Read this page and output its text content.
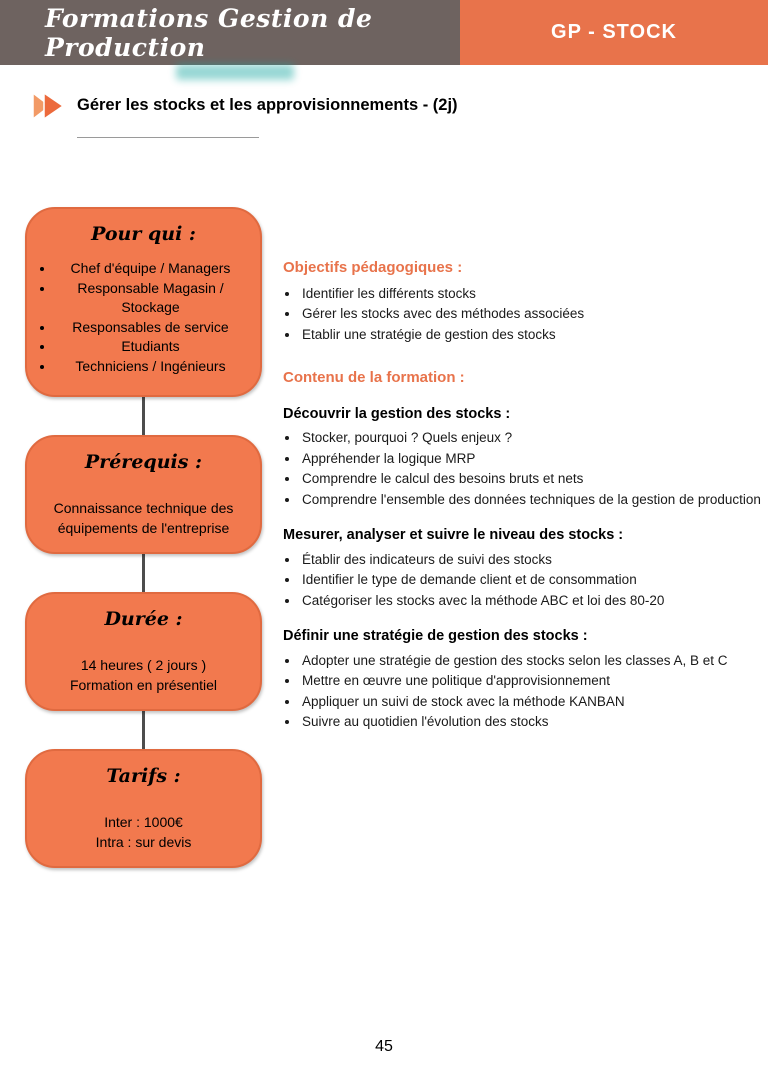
Formations Gestion de Production
GP - STOCK
Gérer les stocks et les approvisionnements - (2j)
Pour qui :
• Chef d'équipe / Managers
• Responsable Magasin / Stockage
• Responsables de service
• Etudiants
• Techniciens / Ingénieurs
Prérequis :

Connaissance technique des équipements de l'entreprise

Durée :

14 heures ( 2 jours )

Formation en présentiel

Tarifs :

Inter : 1000€

Intra : sur devis

Objectifs pédagogiques :
• Identifier les différents stocks
• Gérer les stocks avec des méthodes associées
• Etablir une stratégie de gestion des stocks
Contenu de la formation :
Découvrir la gestion des stocks :
• Stocker, pourquoi ? Quels enjeux ?
• Appréhender la logique MRP
• Comprendre le calcul des besoins bruts et nets
• Comprendre l'ensemble des données techniques de la gestion de production
Mesurer, analyser et suivre le niveau des stocks :
• Établir des indicateurs de suivi des stocks
• Identifier le type de demande client et de consommation
• Catégoriser les stocks avec la méthode ABC et loi des 80-20
Définir une stratégie de gestion des stocks :
• Adopter une stratégie de gestion des stocks selon les classes A, B et C
• Mettre en œuvre une politique d'approvisionnement
• Appliquer un suivi de stock avec la méthode KANBAN
• Suivre au quotidien l'évolution des stocks
45
